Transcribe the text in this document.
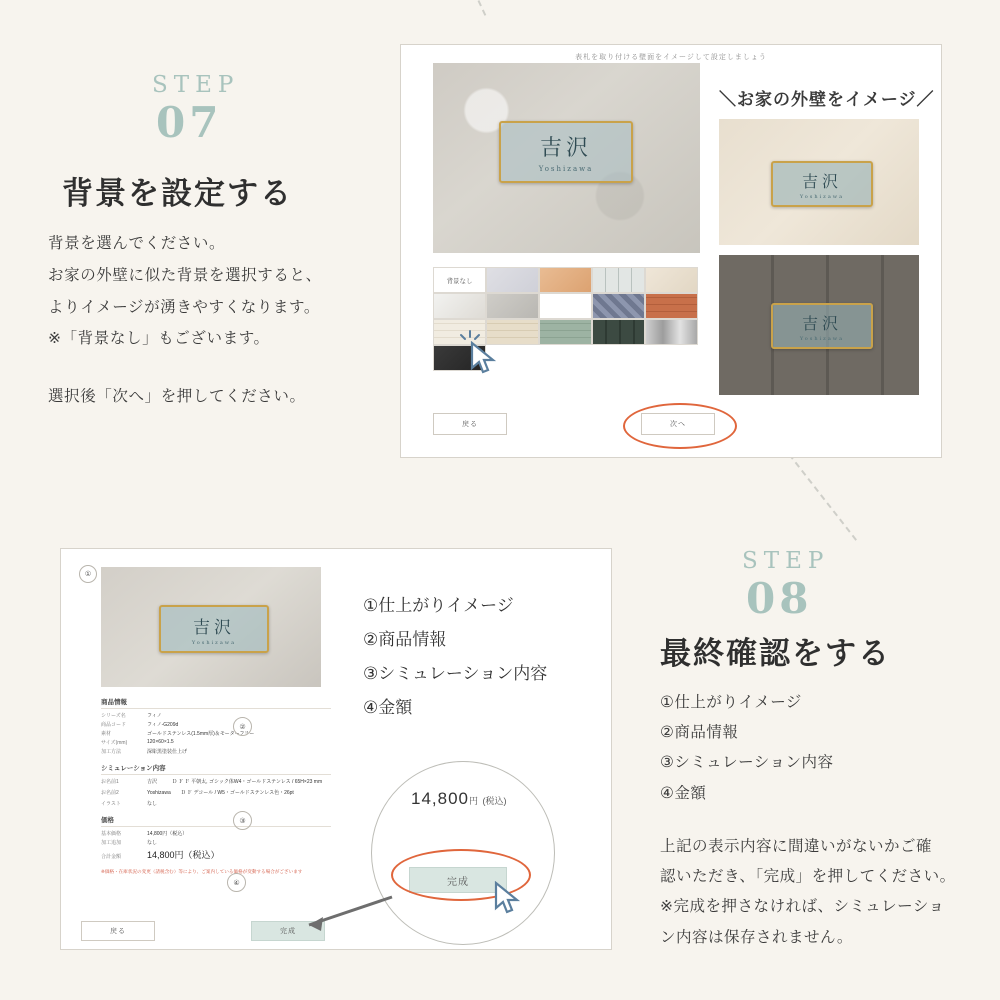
STEP
07
背景を設定する
背景を選んでください。
お家の外壁に似た背景を選択すると、
よりイメージが湧きやすくなります。
※「背景なし」もございます。
選択後「次へ」を押してください。
表札を取り付ける壁面をイメージして設定しましょう
吉沢
Yoshizawa
背景なし
＼お家の外壁をイメージ／
吉沢
Yoshizawa
吉沢
Yoshizawa
戻る	次へ
STEP
08
最終確認をする
①仕上がりイメージ
②商品情報
③シミュレーション内容
④金額
上記の表示内容に間違いがないかご確
認いただき、「完成」を押してください。
※完成を押さなければ、シミュレーショ
ン内容は保存されません。
①
吉沢
Yoshizawa
商品情報
シリーズ名	フィノ
商品コード	フィノ-G209d
素材	ゴールドステンレス(1.5mm厚)＆モーターフリー
サイズ(mm)	120×60×1.5
加工方法	深彫黒塗装仕上げ
シミュレーション内容
お名前1	吉沢　　　Ｄ Ｆ Ｆ 平朝太, ゴシック体W4・ゴールドステンレス / 65H×23 mm
お名前2	Yoshizawa　　Ｄ Ｆ デコール / W5・ゴールドステンレス色・26pt
イラスト	なし
価格
基本価格	14,800円（税込）
加工追加	なし
合計金額	14,800円（税込）
※価格・在庫状況の変更（諸税含む）等により、ご案内している価格が変動する場合がございます
②
③
④
戻る	完成
①仕上がりイメージ
②商品情報
③シミュレーション内容
④金額
14,800円 (税込)
完成
